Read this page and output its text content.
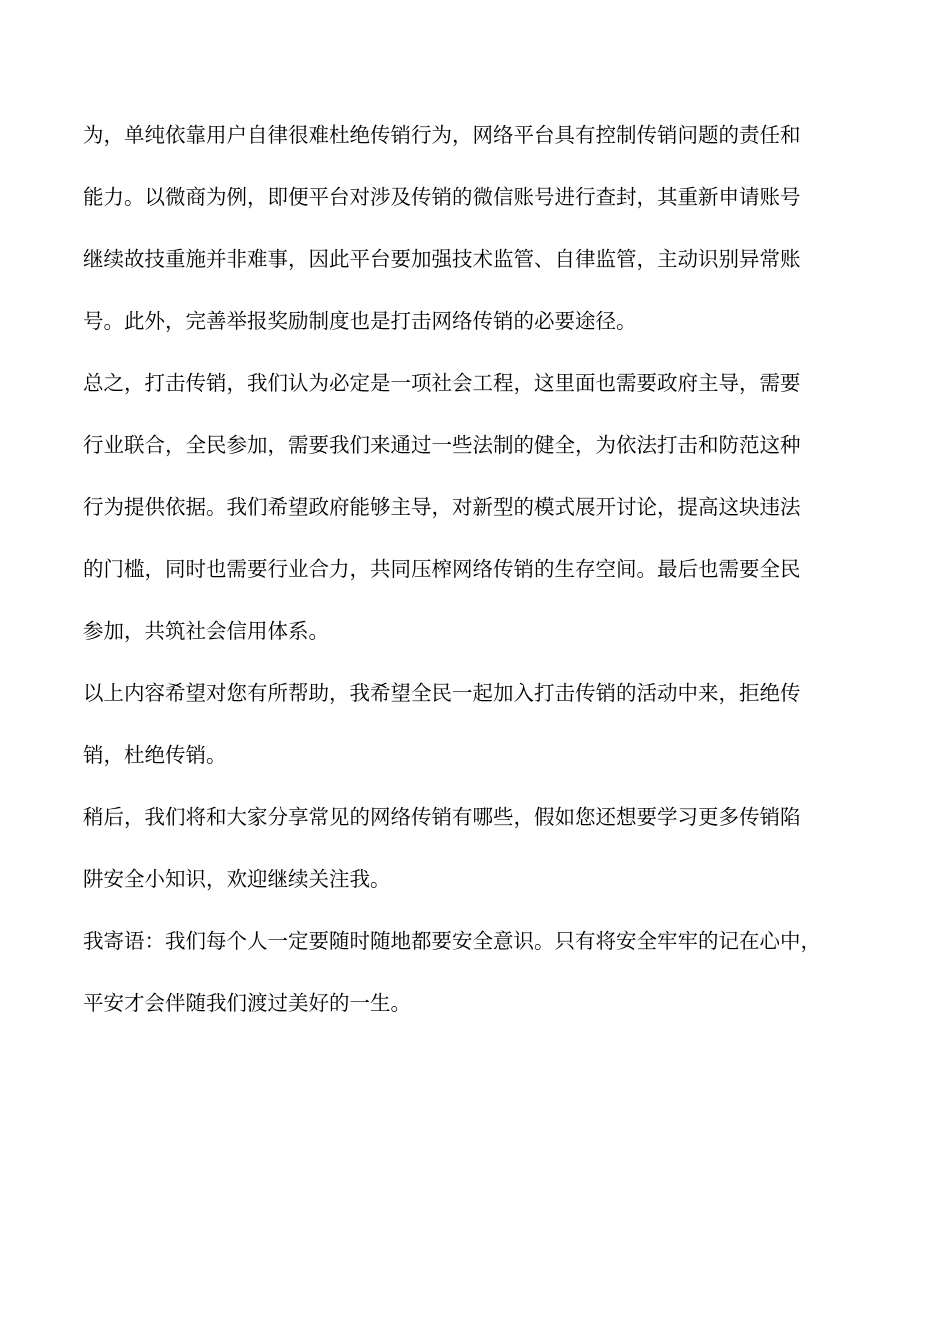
为，单纯依靠用户自律很难杜绝传销行为，网络平台具有控制传销问题的责任和
能力。以微商为例，即便平台对涉及传销的微信账号进行查封，其重新申请账号
继续故技重施并非难事，因此平台要加强技术监管、自律监管，主动识别异常账
号。此外，完善举报奖励制度也是打击网络传销的必要途径。

总之，打击传销，我们认为必定是一项社会工程，这里面也需要政府主导，需要
行业联合，全民参加，需要我们来通过一些法制的健全，为依法打击和防范这种
行为提供依据。我们希望政府能够主导，对新型的模式展开讨论，提高这块违法
的门槛，同时也需要行业合力，共同压榨网络传销的生存空间。最后也需要全民
参加，共筑社会信用体系。

以上内容希望对您有所帮助，我希望全民一起加入打击传销的活动中来，拒绝传
销，杜绝传销。

稍后，我们将和大家分享常见的网络传销有哪些，假如您还想要学习更多传销陷
阱安全小知识，欢迎继续关注我。

我寄语：我们每个人一定要随时随地都要安全意识。只有将安全牢牢的记在心中，
平安才会伴随我们渡过美好的一生。
